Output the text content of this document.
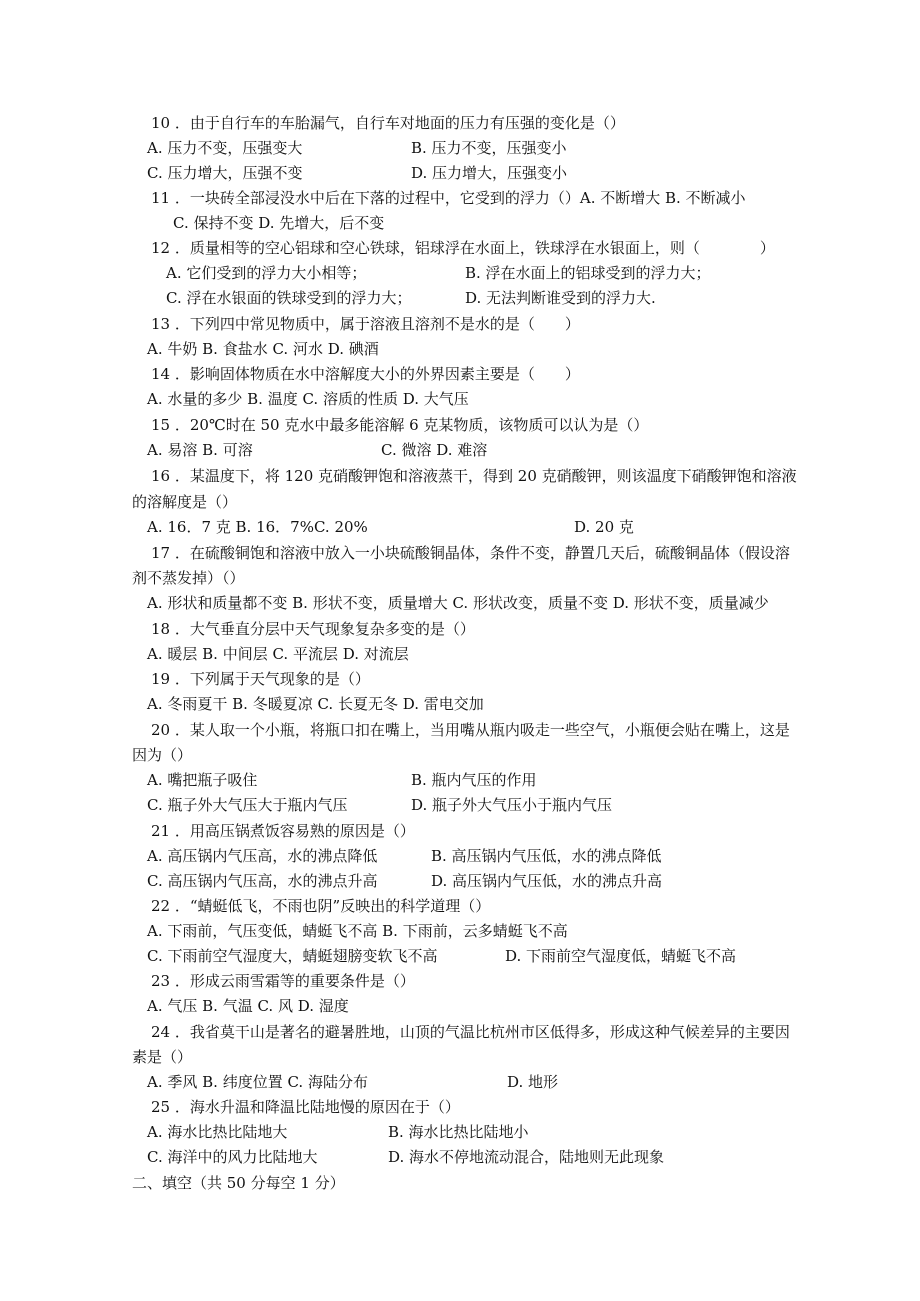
10 ．由于自行车的车胎漏气，自行车对地面的压力有压强的变化是（）
A. 压力不变，压强变大	B. 压力不变，压强变小
C. 压力增大，压强不变	D. 压力增大，压强变小
11 ．一块砖全部浸没水中后在下落的过程中，它受到的浮力（）A. 不断增大 B. 不断减小
C. 保持不变 D. 先增大，后不变
12 ．质量相等的空心铝球和空心铁球，铝球浮在水面上，铁球浮在水银面上，则（　　　　）
A. 它们受到的浮力大小相等；	B. 浮在水面上的铝球受到的浮力大；
C. 浮在水银面的铁球受到的浮力大；	D. 无法判断谁受到的浮力大.
13 ．下列四中常见物质中，属于溶液且溶剂不是水的是（　　）
A. 牛奶 B. 食盐水 C. 河水 D. 碘酒
14 ．影响固体物质在水中溶解度大小的外界因素主要是（　　）
A. 水量的多少 B. 温度 C. 溶质的性质 D. 大气压
15 ．20℃时在 50 克水中最多能溶解 6 克某物质，该物质可以认为是（）
A. 易溶 B. 可溶	C. 微溶 D. 难溶
16 ．某温度下，将 120 克硝酸钾饱和溶液蒸干，得到 20 克硝酸钾，则该温度下硝酸钾饱和溶液
的溶解度是（）
A. 16．7 克 B. 16．7%C. 20%	D. 20 克
17 ．在硫酸铜饱和溶液中放入一小块硫酸铜晶体，条件不变，静置几天后，硫酸铜晶体（假设溶
剂不蒸发掉）（）
A. 形状和质量都不变 B. 形状不变，质量增大 C. 形状改变，质量不变 D. 形状不变，质量减少
18 ．大气垂直分层中天气现象复杂多变的是（）
A. 暖层 B. 中间层 C. 平流层 D. 对流层
19 ．下列属于天气现象的是（）
A. 冬雨夏干 B. 冬暖夏凉 C. 长夏无冬 D. 雷电交加
20 ．某人取一个小瓶，将瓶口扣在嘴上，当用嘴从瓶内吸走一些空气，小瓶便会贴在嘴上，这是
因为（）
A. 嘴把瓶子吸住	B. 瓶内气压的作用
C. 瓶子外大气压大于瓶内气压	D. 瓶子外大气压小于瓶内气压
21 ．用高压锅煮饭容易熟的原因是（）
A. 高压锅内气压高，水的沸点降低	B. 高压锅内气压低，水的沸点降低
C. 高压锅内气压高，水的沸点升高	D. 高压锅内气压低，水的沸点升高
22 ．“蜻蜓低飞，不雨也阴”反映出的科学道理（）
A. 下雨前，气压变低，蜻蜓飞不高 B. 下雨前，云多蜻蜓飞不高
C. 下雨前空气湿度大，蜻蜓翅膀变软飞不高	D. 下雨前空气湿度低，蜻蜓飞不高
23 ．形成云雨雪霜等的重要条件是（）
A. 气压 B. 气温 C. 风 D. 湿度
24 ．我省莫干山是著名的避暑胜地，山顶的气温比杭州市区低得多，形成这种气候差异的主要因
素是（）
A. 季风 B. 纬度位置 C. 海陆分布	D. 地形
25 ．海水升温和降温比陆地慢的原因在于（）
A. 海水比热比陆地大	B. 海水比热比陆地小
C. 海洋中的风力比陆地大	D. 海水不停地流动混合，陆地则无此现象
二、填空（共 50 分每空 1 分）
